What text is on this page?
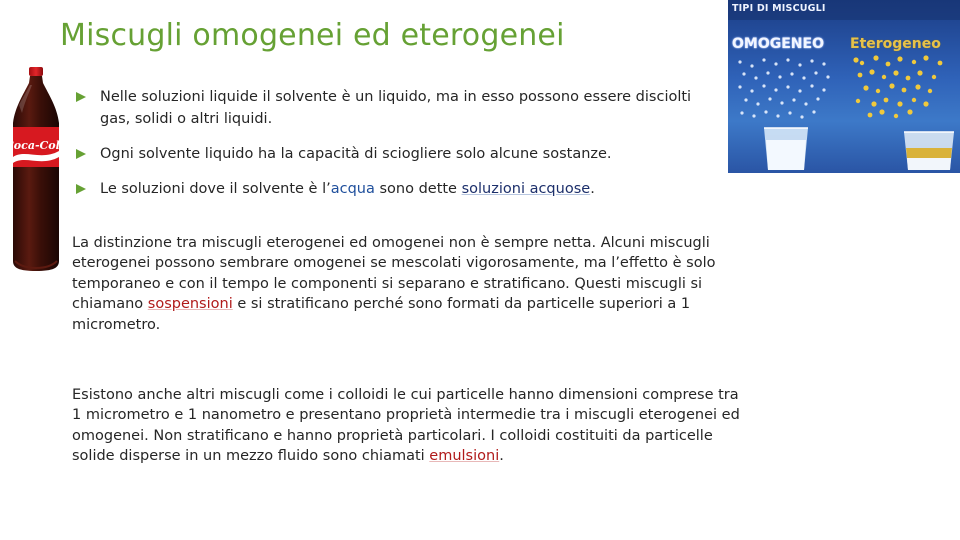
Miscugli omogenei ed eterogenei
Coca-Cola
Nelle soluzioni liquide il solvente è un liquido, ma in esso possono essere disciolti gas, solidi o altri liquidi.
Ogni solvente liquido ha la capacità di sciogliere solo alcune sostanze.
Le soluzioni dove il solvente è l’acqua sono dette soluzioni acquose.
La distinzione tra miscugli eterogenei ed omogenei non è sempre netta. Alcuni miscugli eterogenei possono sembrare omogenei se mescolati vigorosamente, ma l’effetto è solo temporaneo e con il tempo le componenti si separano e stratificano. Questi miscugli si chiamano sospensioni e si stratificano perché sono formati da particelle superiori a 1 micrometro.
Esistono anche altri miscugli come i colloidi le cui particelle hanno dimensioni comprese tra 1 micrometro e 1 nanometro e presentano proprietà intermedie tra i miscugli eterogenei ed omogenei. Non stratificano e hanno proprietà particolari. I colloidi costituiti da particelle solide disperse in un mezzo fluido sono chiamati emulsioni.
TIPI DI MISCUGLI
OMOGENEO Eterogeneo
